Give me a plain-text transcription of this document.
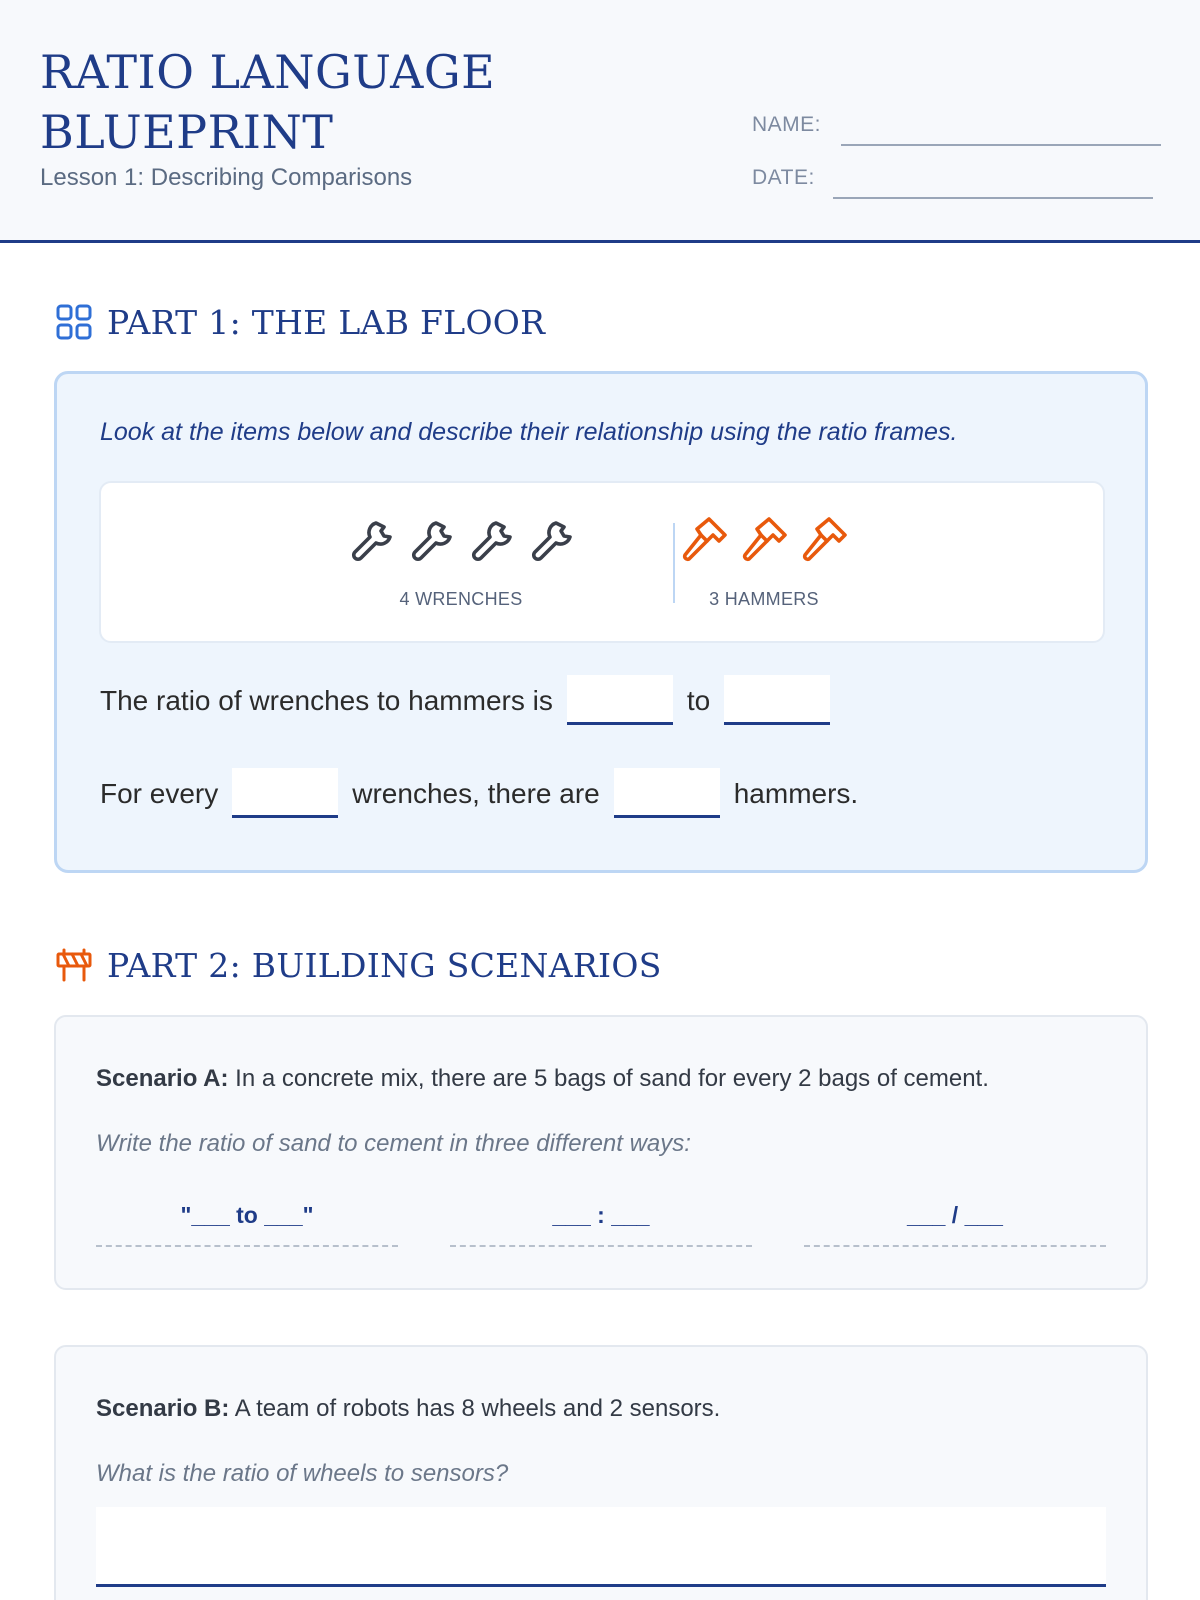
RATIO LANGUAGE
BLUEPRINT
Lesson 1: Describing Comparisons
NAME:
DATE:
PART 1: THE LAB FLOOR
Look at the items below and describe their relationship using the ratio frames.
4 WRENCHES	3 HAMMERS
The ratio of wrenches to hammers is	to
For every	wrenches, there are	hammers.
PART 2: BUILDING SCENARIOS
Scenario A: In a concrete mix, there are 5 bags of sand for every 2 bags of cement.
Write the ratio of sand to cement in three different ways:
"___ to ___"	___ : ___	___ / ___
Scenario B: A team of robots has 8 wheels and 2 sensors.
What is the ratio of wheels to sensors?
